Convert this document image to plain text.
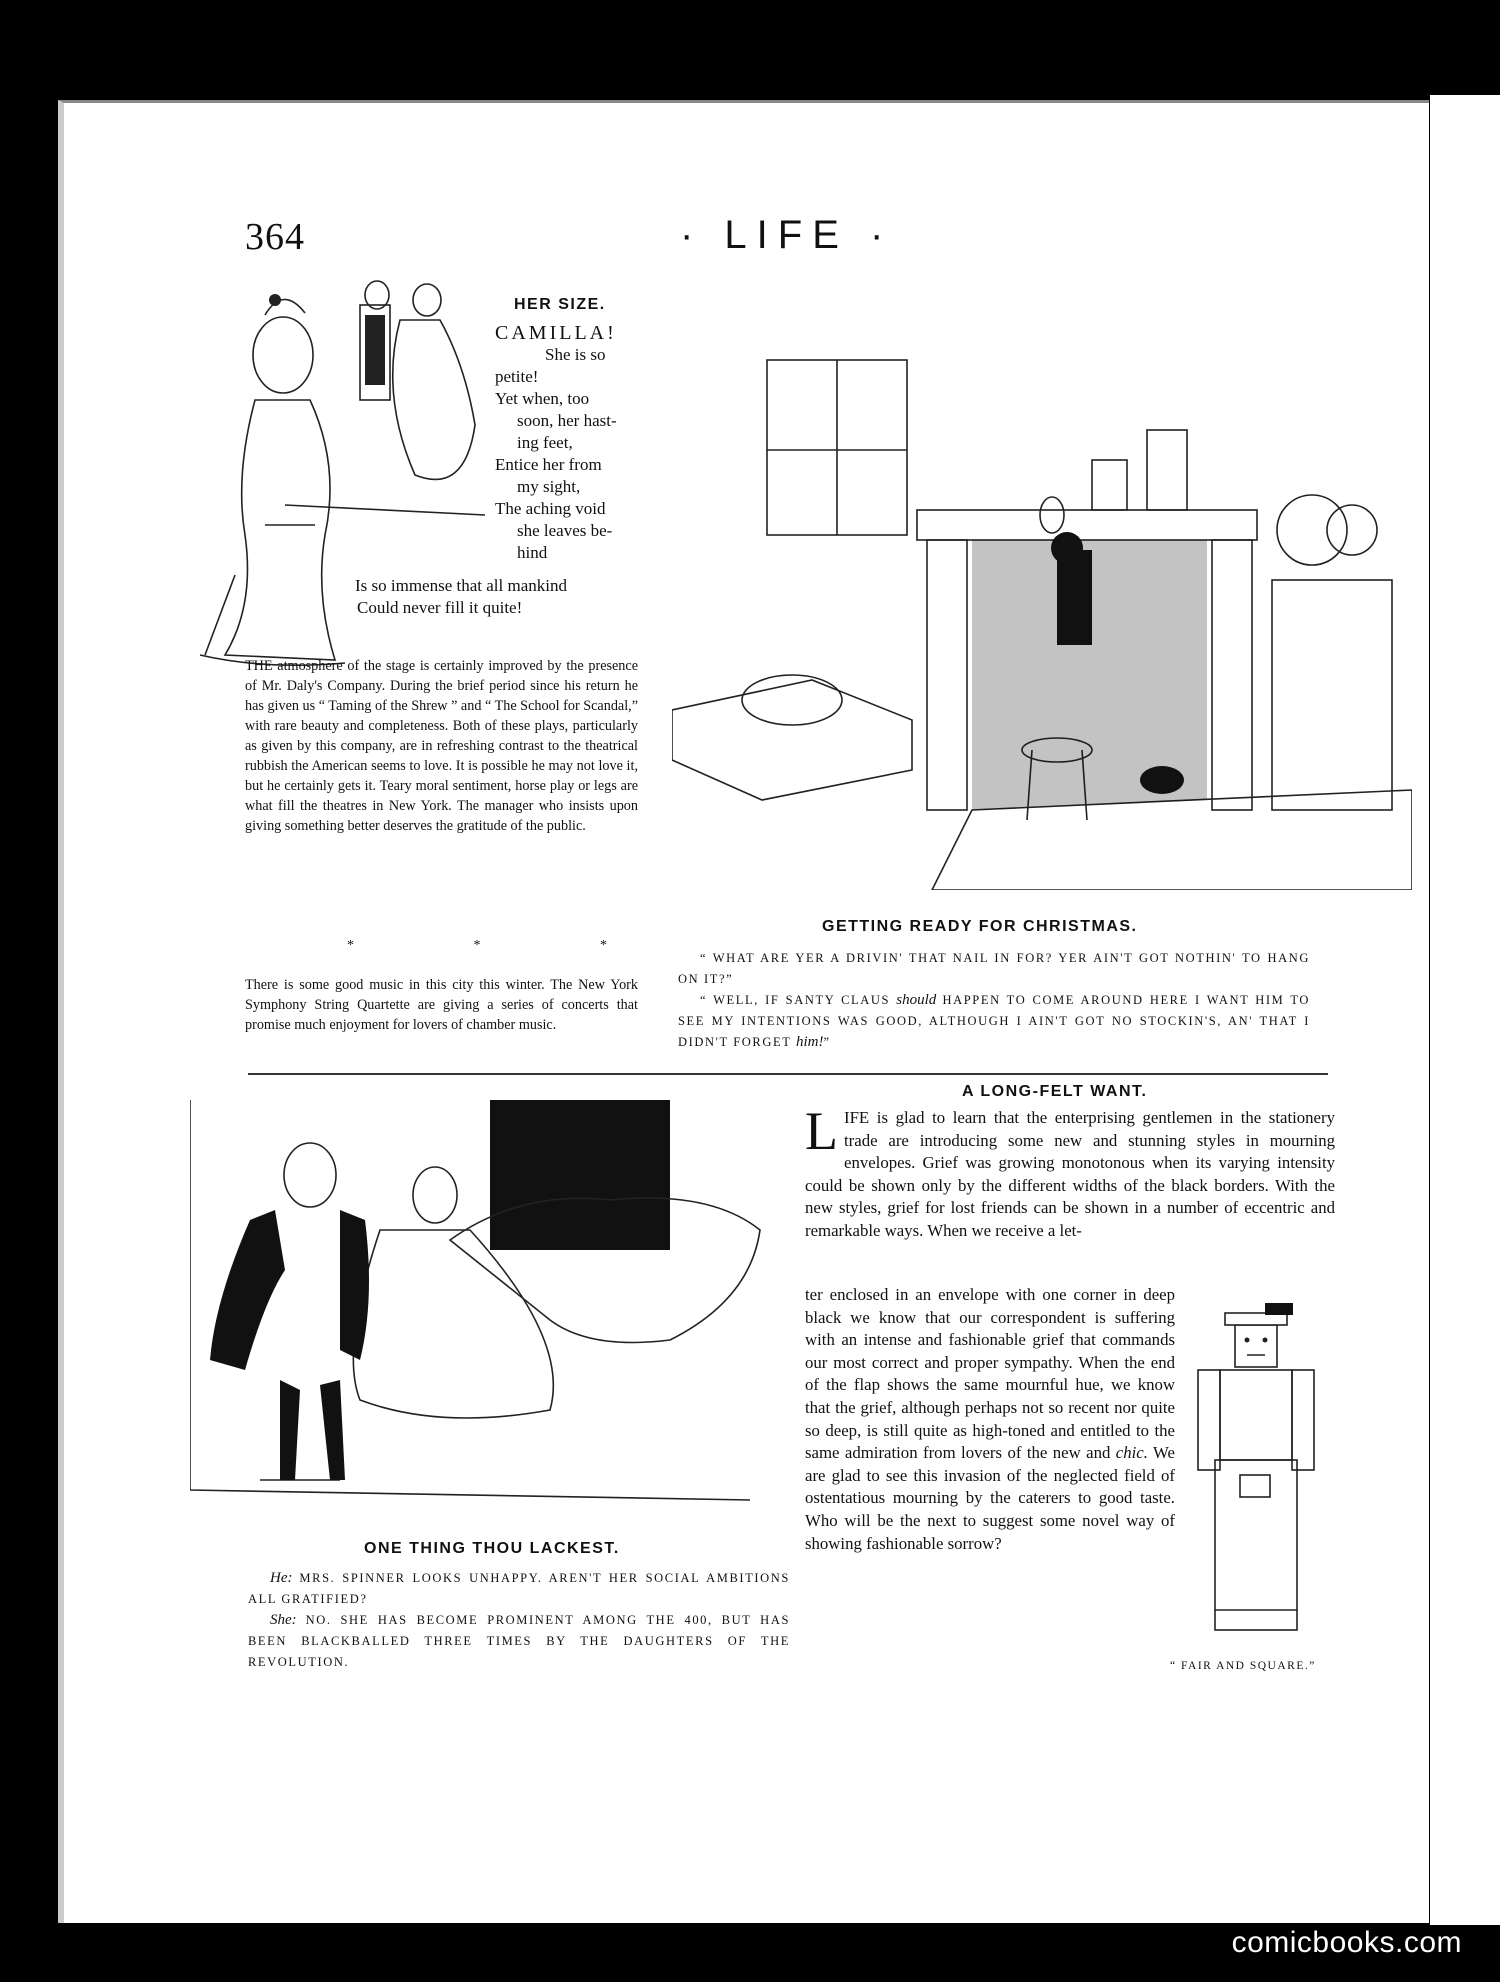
364	· LIFE ·
HER SIZE.
CAMILLA!
She is so
petite!
Yet when, too
soon, her hast-
ing feet,
Entice her from
my sight,
The aching void
she leaves be-
hind
Is so immense that all mankind
Could never fill it quite!
THE atmosphere of the stage is certainly improved by the presence of Mr. Daly's Company. During the brief period since his return he has given us “ Taming of the Shrew ” and “ The School for Scandal,” with rare beauty and completeness. Both of these plays, particularly as given by this company, are in refreshing contrast to the theatrical rubbish the American seems to love. It is possible he may not love it, but he certainly gets it. Teary moral sentiment, horse play or legs are what fill the theatres in New York. The manager who insists upon giving something better deserves the gratitude of the public.
* * *
There is some good music in this city this winter. The New York Symphony String Quartette are giving a series of concerts that promise much enjoyment for lovers of chamber music.
GETTING READY FOR CHRISTMAS.
“ WHAT ARE YER A DRIVIN' THAT NAIL IN FOR? YER AIN'T GOT NOTHIN' TO HANG ON IT?”
“ WELL, IF SANTY CLAUS should HAPPEN TO COME AROUND HERE I WANT HIM TO SEE MY INTENTIONS WAS GOOD, ALTHOUGH I AIN'T GOT NO STOCKIN'S, AN' THAT I DIDN'T FORGET him!”
ONE THING THOU LACKEST.
He: MRS. SPINNER LOOKS UNHAPPY. AREN'T HER SOCIAL AMBITIONS ALL GRATIFIED?
She: NO. SHE HAS BECOME PROMINENT AMONG THE 400, BUT HAS BEEN BLACKBALLED THREE TIMES BY THE DAUGHTERS OF THE REVOLUTION.
A LONG-FELT WANT.
LIFE is glad to learn that the enterprising gentlemen in the stationery trade are introducing some new and stunning styles in mourning envelopes. Grief was growing monotonous when its varying intensity could be shown only by the different widths of the black borders. With the new styles, grief for lost friends can be shown in a number of eccentric and remarkable ways. When we receive a let-
ter enclosed in an envelope with one corner in deep black we know that our correspondent is suffering with an intense and fashionable grief that commands our most correct and proper sympathy. When the end of the flap shows the same mournful hue, we know that the grief, although perhaps not so recent nor quite so deep, is still quite as high-toned and entitled to the same admiration from lovers of the new and chic. We are glad to see this invasion of the neglected field of ostentatious mourning by the caterers to good taste. Who will be the next to suggest some novel way of showing fashionable sorrow?
“ FAIR AND SQUARE.”
comicbooks.com
